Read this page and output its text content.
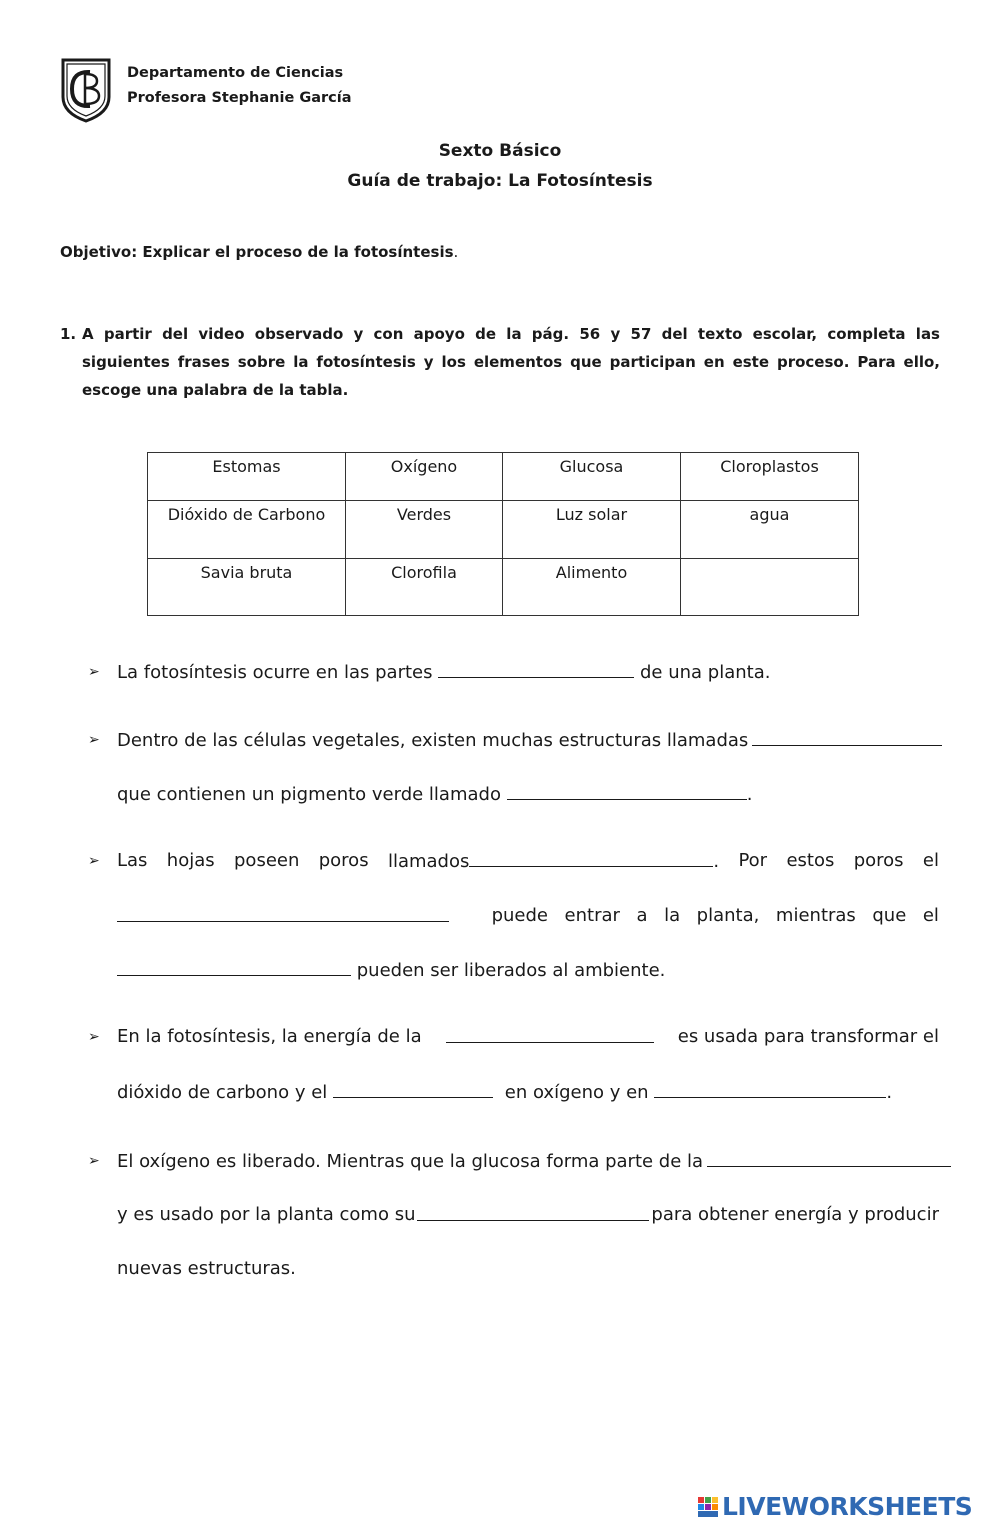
Departamento de Ciencias
Profesora Stephanie García
Sexto Básico
Guía de trabajo: La Fotosíntesis
Objetivo: Explicar el proceso de la fotosíntesis.
1. A partir del video observado y con apoyo de la pág. 56 y 57 del texto escolar, completa las siguientes frases sobre la fotosíntesis y los elementos que participan en este proceso. Para ello, escoge una palabra de la tabla.
Estomas	Oxígeno	Glucosa	Cloroplastos
Dióxido de Carbono	Verdes	Luz solar	agua
Savia bruta	Clorofila	Alimento	
➢ La fotosíntesis ocurre en las partes	de una planta.
➢ Dentro de las células vegetales, existen muchas estructuras llamadas
que contienen un pigmento verde llamado	.
➢ Las hojas poseen poros llamados	. Por estos poros el
puede entrar a la planta, mientras que el
pueden ser liberados al ambiente.
➢ En la fotosíntesis, la energía de la	es usada para transformar el
dióxido de carbono y el	en oxígeno y en	.
➢ El oxígeno es liberado. Mientras que la glucosa forma parte de la
y es usado por la planta como su	para obtener energía y producir
nuevas estructuras.
LIVEWORKSHEETS
